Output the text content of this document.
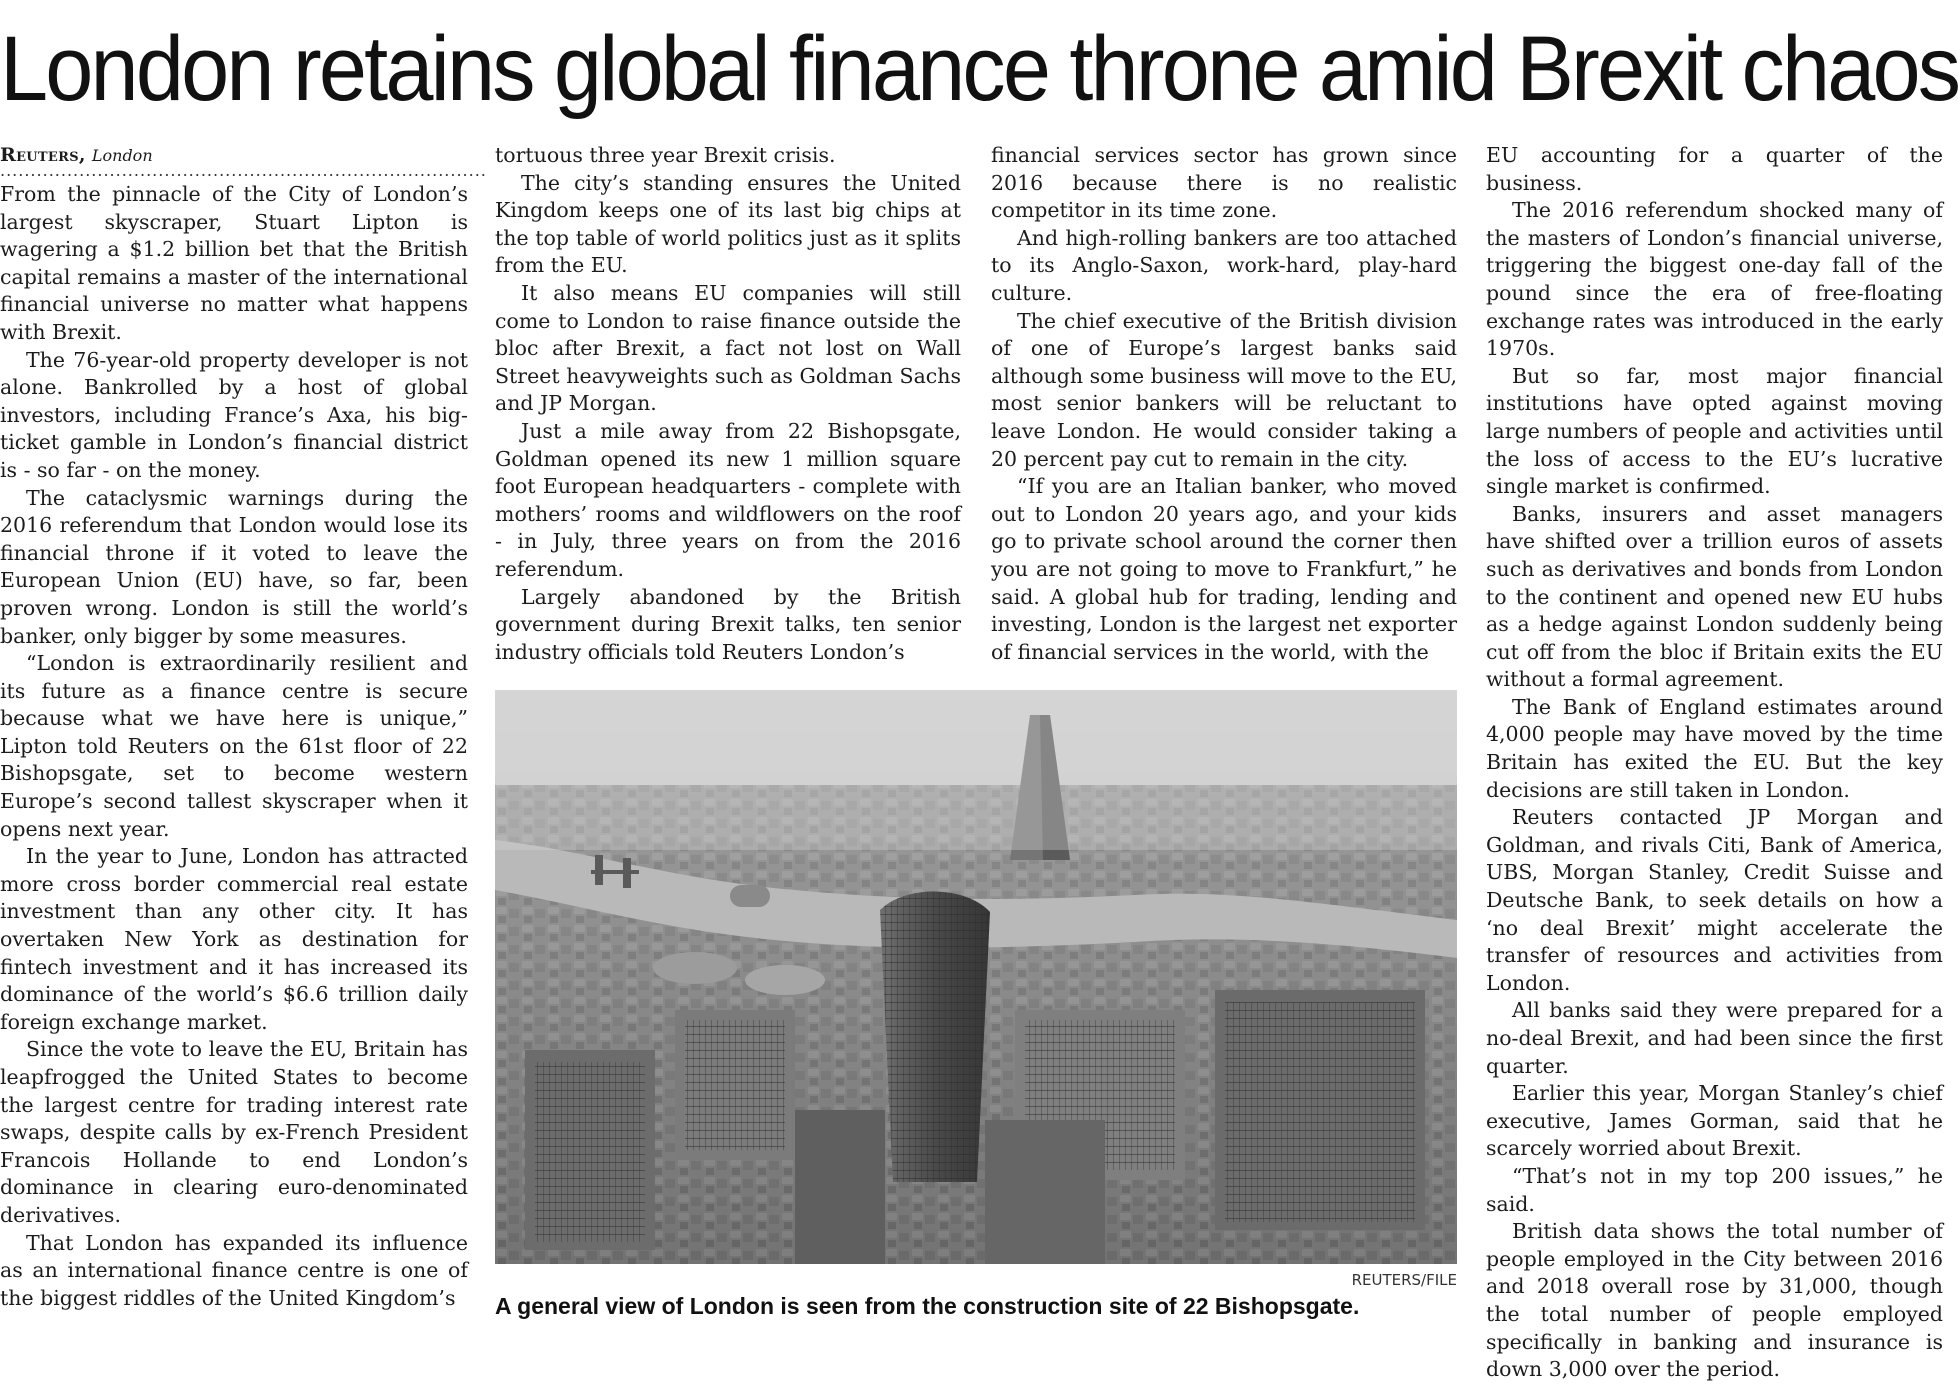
London retains global finance throne amid Brexit chaos

Reuters, London

................................................................................

From the pinnacle of the City of London’s largest skyscraper, Stuart Lipton is wagering a $1.2 billion bet that the British capital remains a master of the international financial universe no matter what happens with Brexit.

The 76-year-old property developer is not alone. Bankrolled by a host of global investors, including France’s Axa, his big-ticket gamble in London’s financial district is - so far - on the money.

The cataclysmic warnings during the 2016 referendum that London would lose its financial throne if it voted to leave the European Union (EU) have, so far, been proven wrong. London is still the world’s banker, only bigger by some measures.

“London is extraordinarily resilient and its future as a finance centre is secure because what we have here is unique,” Lipton told Reuters on the 61st floor of 22 Bishopsgate, set to become western Europe’s second tallest skyscraper when it opens next year.

In the year to June, London has attracted more cross border commercial real estate investment than any other city. It has overtaken New York as destination for fintech investment and it has increased its dominance of the world’s $6.6 trillion daily foreign exchange market.

Since the vote to leave the EU, Britain has leapfrogged the United States to become the largest centre for trading interest rate swaps, despite calls by ex-French President Francois Hollande to end London’s dominance in clearing euro-denominated derivatives.

That London has expanded its influence as an international finance centre is one of the biggest riddles of the United Kingdom’s

tortuous three year Brexit crisis.

The city’s standing ensures the United Kingdom keeps one of its last big chips at the top table of world politics just as it splits from the EU.

It also means EU companies will still come to London to raise finance outside the bloc after Brexit, a fact not lost on Wall Street heavyweights such as Goldman Sachs and JP Morgan.

Just a mile away from 22 Bishopsgate, Goldman opened its new 1 million square foot European headquarters - complete with mothers’ rooms and wildflowers on the roof - in July, three years on from the 2016 referendum.

Largely abandoned by the British government during Brexit talks, ten senior industry officials told Reuters London’s

financial services sector has grown since 2016 because there is no realistic competitor in its time zone.

And high-rolling bankers are too attached to its Anglo-Saxon, work-hard, play-hard culture.

The chief executive of the British division of one of Europe’s largest banks said although some business will move to the EU, most senior bankers will be reluctant to leave London. He would consider taking a 20 percent pay cut to remain in the city.

“If you are an Italian banker, who moved out to London 20 years ago, and your kids go to private school around the corner then you are not going to move to Frankfurt,” he said. A global hub for trading, lending and investing, London is the largest net exporter of financial services in the world, with the

EU accounting for a quarter of the business.

The 2016 referendum shocked many of the masters of London’s financial universe, triggering the biggest one-day fall of the pound since the era of free-floating exchange rates was introduced in the early 1970s.

But so far, most major financial institutions have opted against moving large numbers of people and activities until the loss of access to the EU’s lucrative single market is confirmed.

Banks, insurers and asset managers have shifted over a trillion euros of assets such as derivatives and bonds from London to the continent and opened new EU hubs as a hedge against London suddenly being cut off from the bloc if Britain exits the EU without a formal agreement.

The Bank of England estimates around 4,000 people may have moved by the time Britain has exited the EU. But the key decisions are still taken in London.

Reuters contacted JP Morgan and Goldman, and rivals Citi, Bank of America, UBS, Morgan Stanley, Credit Suisse and Deutsche Bank, to seek details on how a ‘no deal Brexit’ might accelerate the transfer of resources and activities from London.

All banks said they were prepared for a no-deal Brexit, and had been since the first quarter.

Earlier this year, Morgan Stanley’s chief executive, James Gorman, said that he scarcely worried about Brexit.

“That’s not in my top 200 issues,” he said.

British data shows the total number of people employed in the City between 2016 and 2018 overall rose by 31,000, though the total number of people employed specifically in banking and insurance is down 3,000 over the period.

REUTERS/FILE
A general view of London is seen from the construction site of 22 Bishopsgate.
